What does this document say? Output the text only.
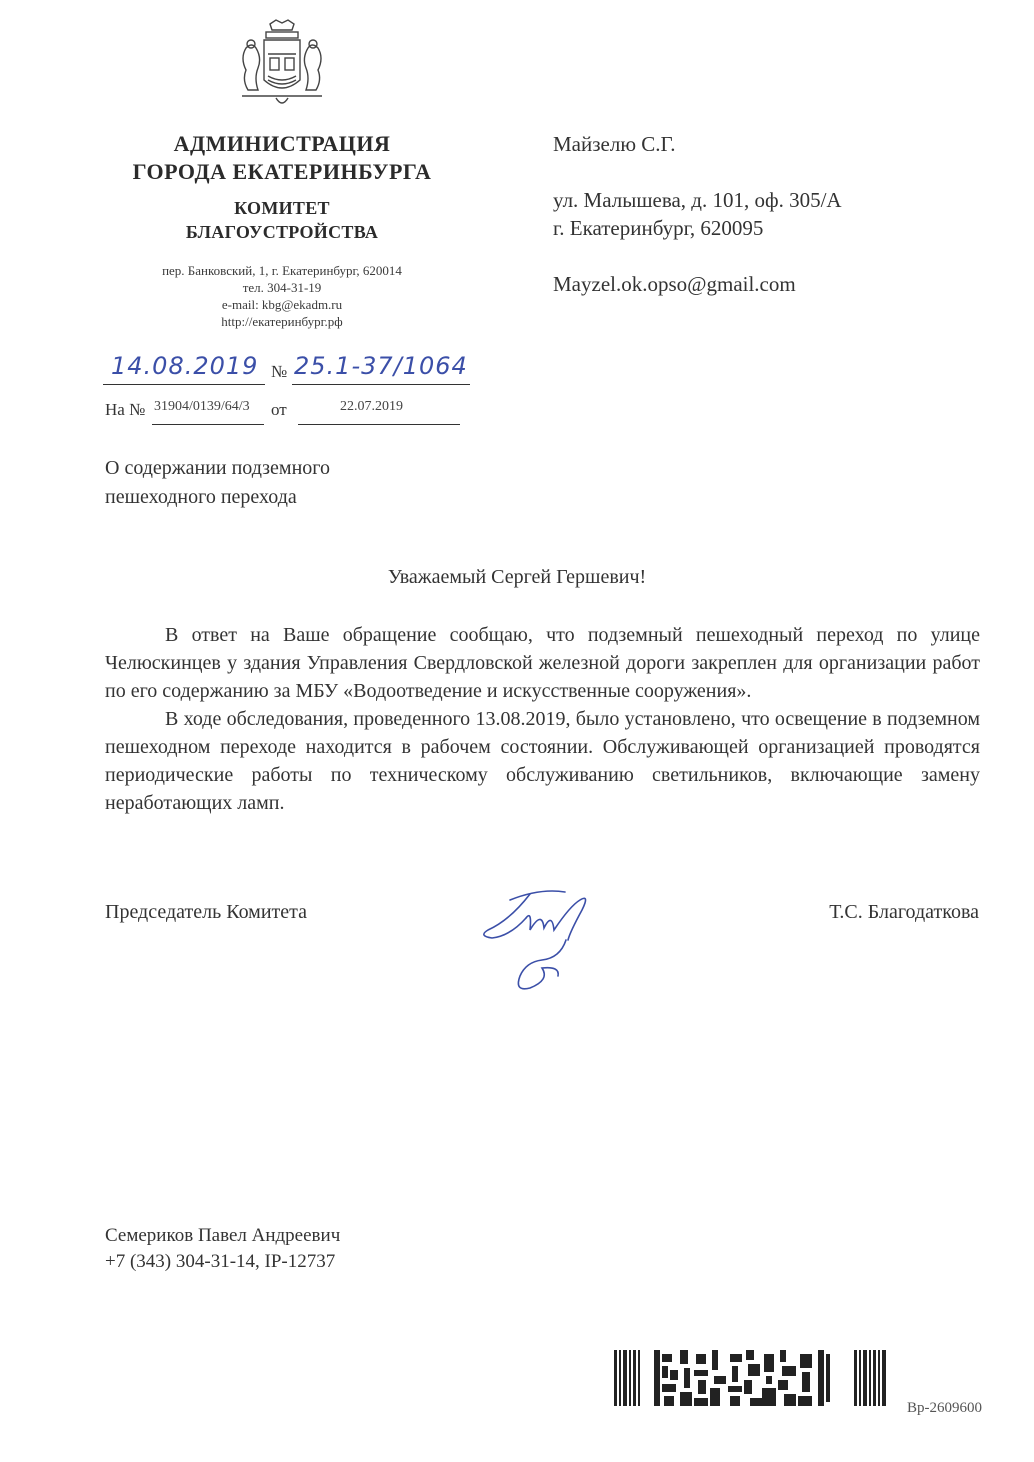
АДМИНИСТРАЦИЯ
ГОРОДА ЕКАТЕРИНБУРГА
КОМИТЕТ
БЛАГОУСТРОЙСТВА
пер. Банковский, 1, г. Екатеринбург, 620014
тел. 304-31-19
e-mail: kbg@ekadm.ru
http://екатеринбург.рф
14.08.2019 № 25.1-37/1064
На № 31904/0139/64/3 от	22.07.2019
Майзелю С.Г.
ул. Малышева, д. 101, оф. 305/А
г. Екатеринбург, 620095
Mayzel.ok.opso@gmail.com
О содержании подземного
пешеходного перехода
Уважаемый Сергей Гершевич!

В ответ на Ваше обращение сообщаю, что подземный пешеходный переход по улице Челюскинцев у здания Управления Свердловской железной дороги закреплен для организации работ по его содержанию за МБУ «Водоотведение и искусственные сооружения».

В ходе обследования, проведенного 13.08.2019, было установлено, что освещение в подземном пешеходном переходе находится в рабочем состоянии. Обслуживающей организацией проводятся периодические работы по техническому обслуживанию светильников, включающие замену неработающих ламп.

Председатель Комитета	Т.С. Благодаткова
Семериков Павел Андреевич
+7 (343) 304-31-14, IP-12737
Вр-2609600
